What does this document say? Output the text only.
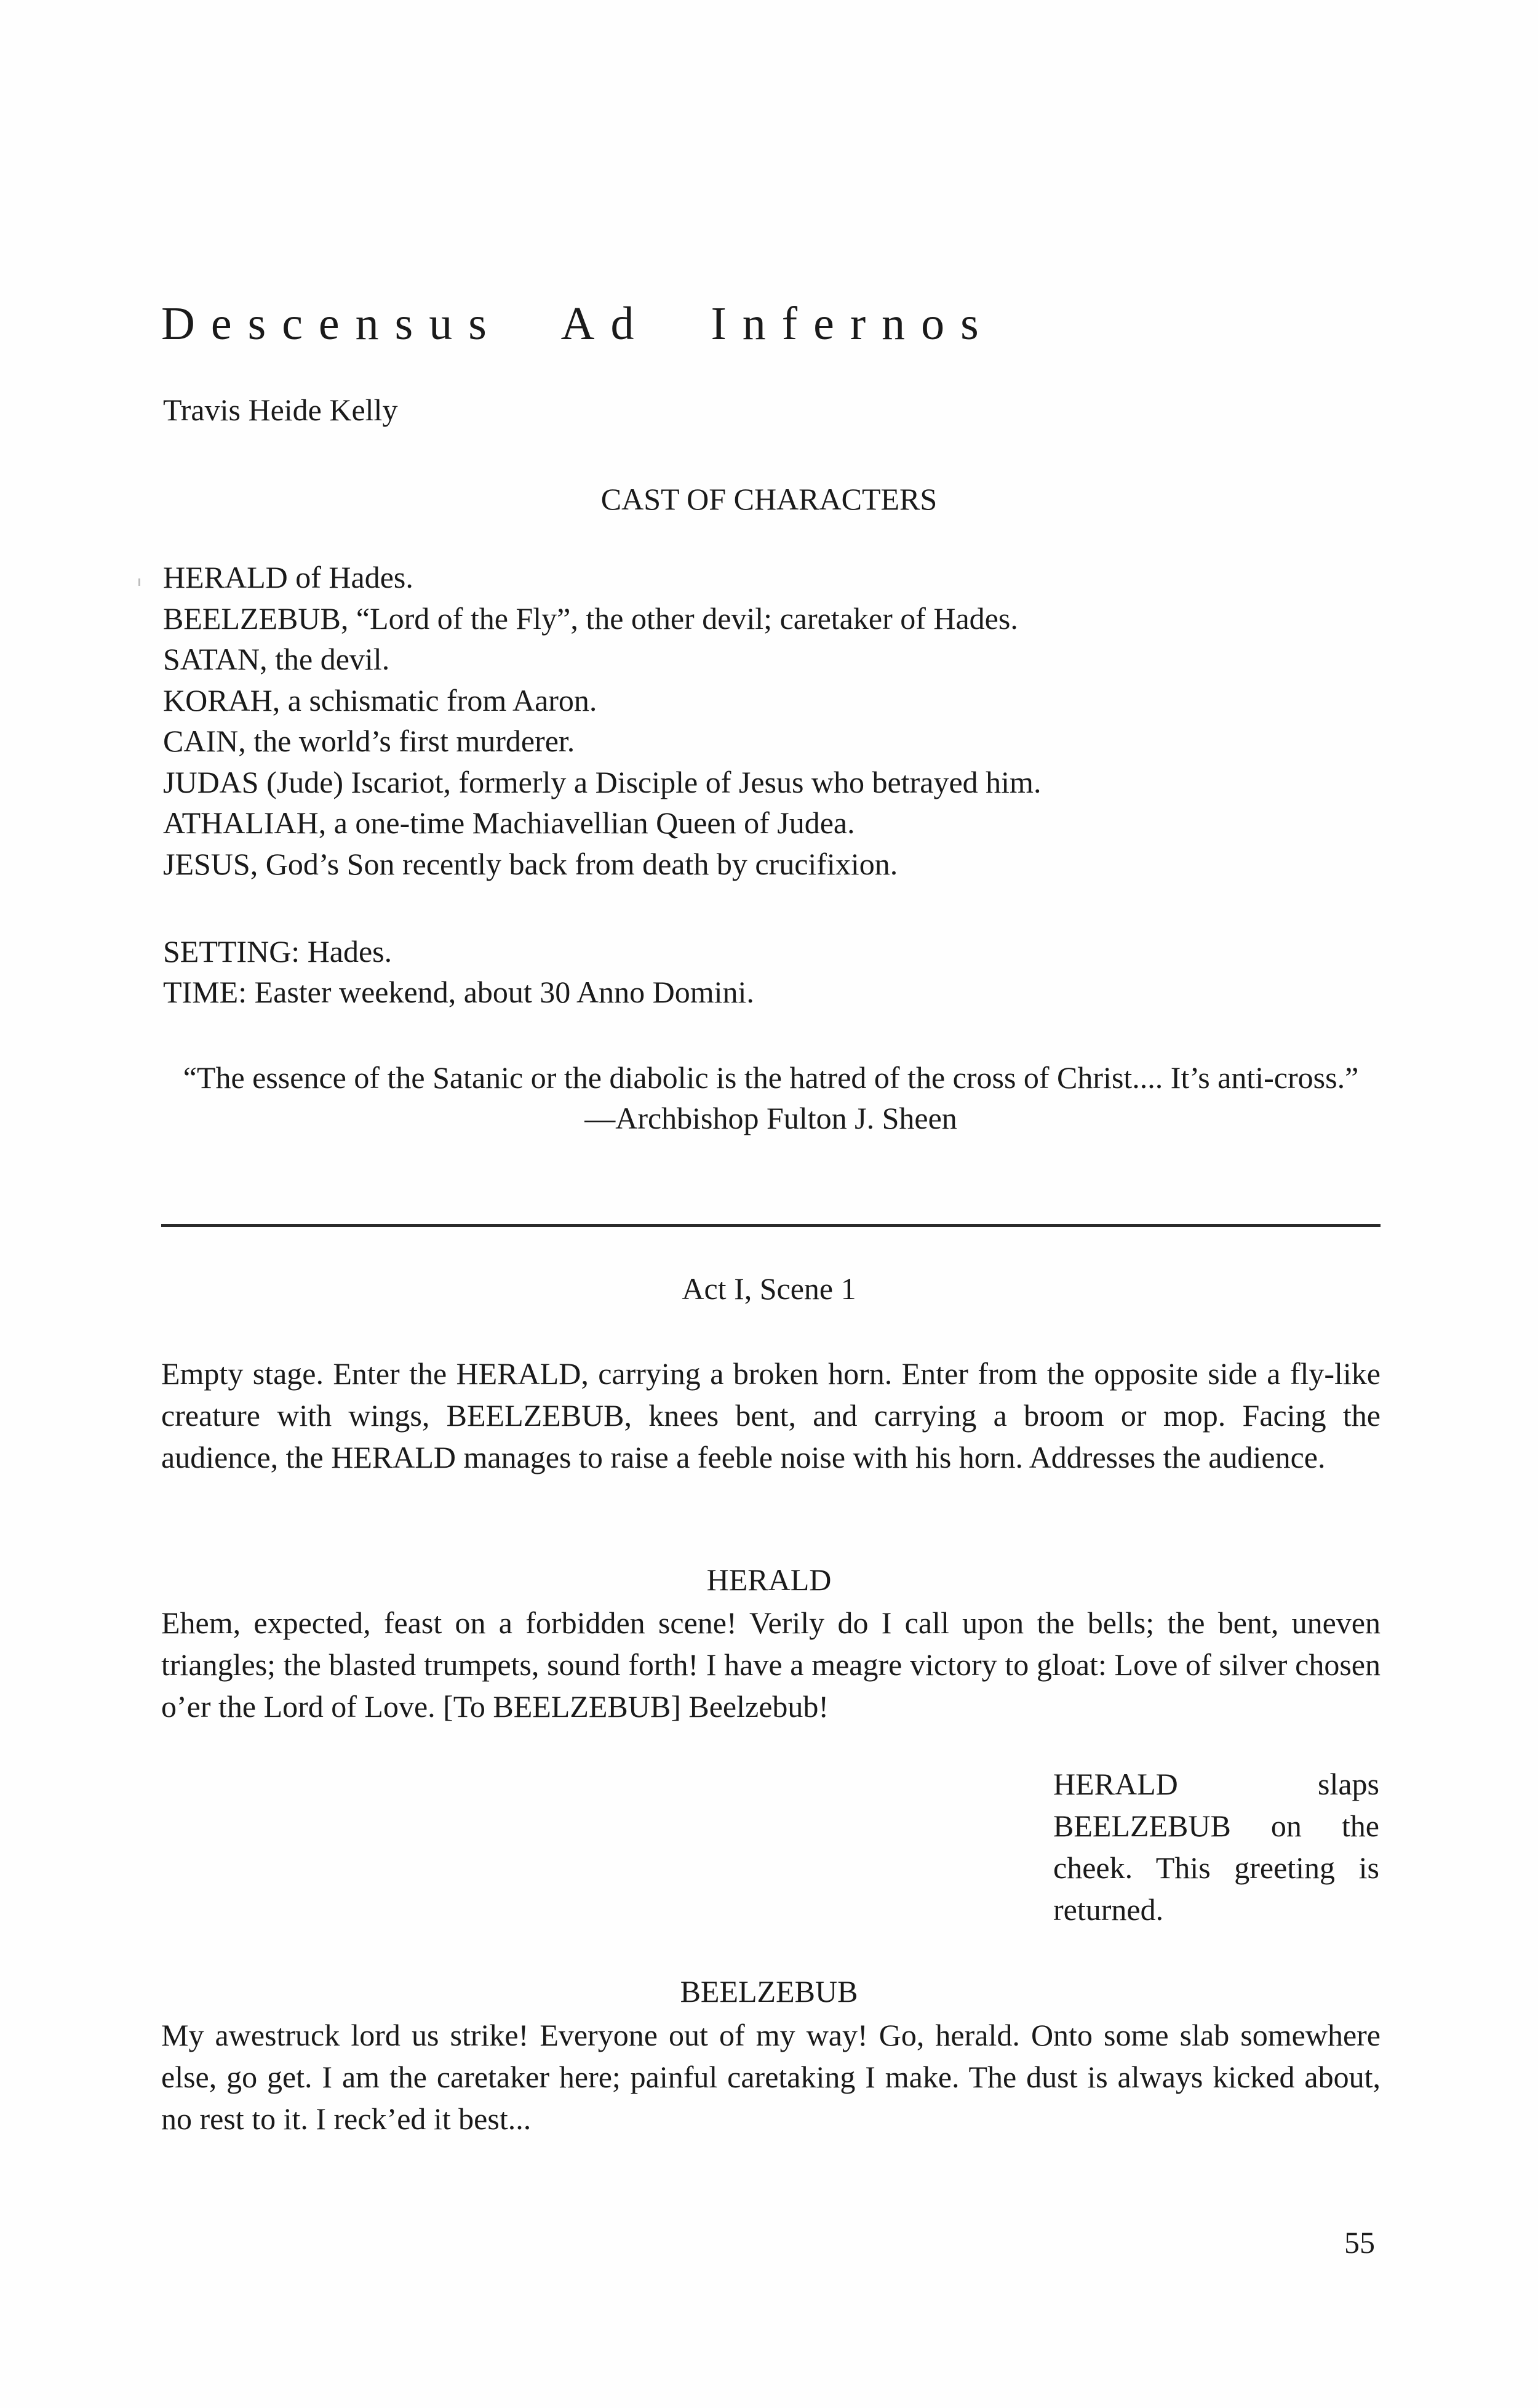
Descensus Ad Infernos
Travis Heide Kelly
CAST OF CHARACTERS
HERALD of Hades.
BEELZEBUB, “Lord of the Fly”, the other devil; caretaker of Hades.
SATAN, the devil.
KORAH, a schismatic from Aaron.
CAIN, the world’s first murderer.
JUDAS (Jude) Iscariot, formerly a Disciple of Jesus who betrayed him.
ATHALIAH, a one-time Machiavellian Queen of Judea.
JESUS, God’s Son recently back from death by crucifixion.
SETTING: Hades.
TIME: Easter weekend, about 30 Anno Domini.
“The essence of the Satanic or the diabolic is the hatred of the cross of Christ.... It’s anti-cross.”
—Archbishop Fulton J. Sheen
Act I, Scene 1
Empty stage. Enter the HERALD, carrying a broken horn. Enter from the opposite side a fly-like creature with wings, BEELZEBUB, knees bent, and carrying a broom or mop. Facing the audience, the HERALD manages to raise a feeble noise with his horn. Addresses the audience.
HERALD
Ehem, expected, feast on a forbidden scene! Verily do I call upon the bells; the bent, uneven triangles; the blasted trumpets, sound forth! I have a meagre victory to gloat: Love of silver chosen o’er the Lord of Love. [To BEELZEBUB] Beelzebub!
HERALD slaps BEELZEBUB on the cheek. This greeting is returned.
BEELZEBUB
My awestruck lord us strike! Everyone out of my way! Go, herald. Onto some slab somewhere else, go get. I am the caretaker here; painful caretaking I make. The dust is always kicked about, no rest to it. I reck’ed it best...
55
